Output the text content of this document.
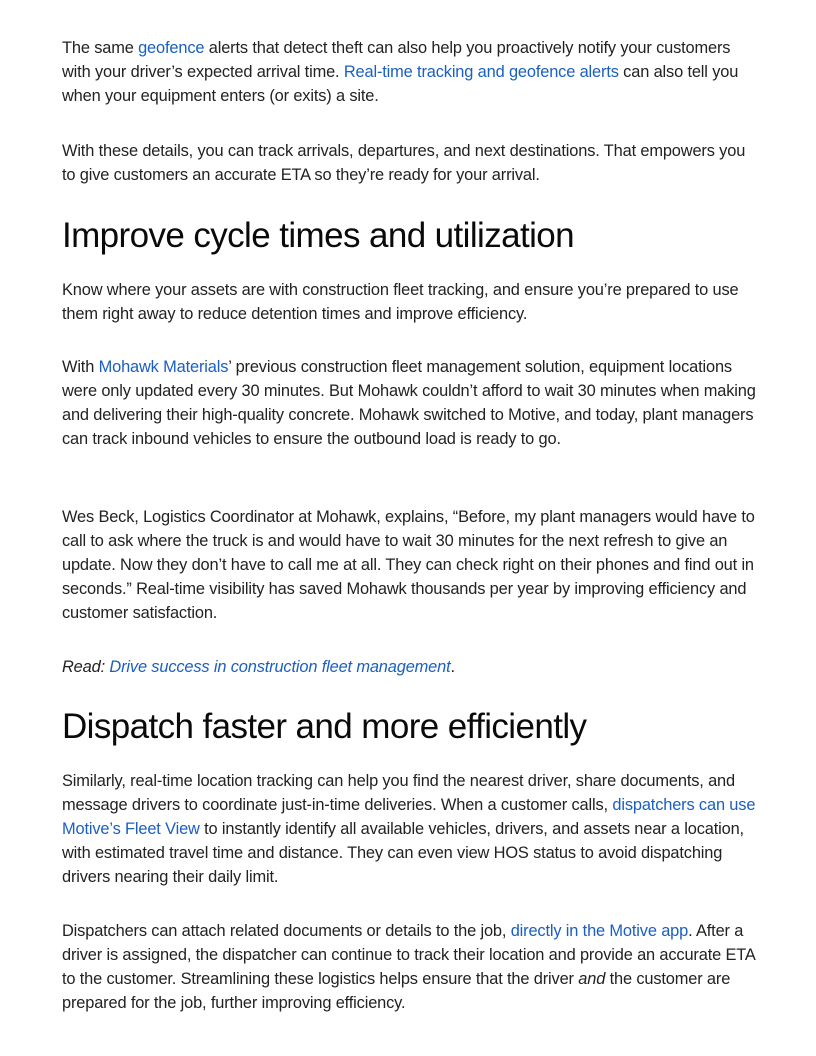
The same geofence alerts that detect theft can also help you proactively notify your customers with your driver’s expected arrival time. Real-time tracking and geofence alerts can also tell you when your equipment enters (or exits) a site.

With these details, you can track arrivals, departures, and next destinations. That empowers you to give customers an accurate ETA so they’re ready for your arrival.

Improve cycle times and utilization

Know where your assets are with construction fleet tracking, and ensure you’re prepared to use them right away to reduce detention times and improve efficiency.

With Mohawk Materials’ previous construction fleet management solution, equipment locations were only updated every 30 minutes. But Mohawk couldn’t afford to wait 30 minutes when making and delivering their high-quality concrete. Mohawk switched to Motive, and today, plant managers can track inbound vehicles to ensure the outbound load is ready to go.

Wes Beck, Logistics Coordinator at Mohawk, explains, “Before, my plant managers would have to call to ask where the truck is and would have to wait 30 minutes for the next refresh to give an update. Now they don’t have to call me at all. They can check right on their phones and find out in seconds.” Real-time visibility has saved Mohawk thousands per year by improving efficiency and customer satisfaction.

Read: Drive success in construction fleet management.

Dispatch faster and more efficiently

Similarly, real-time location tracking can help you find the nearest driver, share documents, and message drivers to coordinate just-in-time deliveries. When a customer calls, dispatchers can use Motive’s Fleet View to instantly identify all available vehicles, drivers, and assets near a location, with estimated travel time and distance. They can even view HOS status to avoid dispatching drivers nearing their daily limit.

Dispatchers can attach related documents or details to the job, directly in the Motive app. After a driver is assigned, the dispatcher can continue to track their location and provide an accurate ETA to the customer. Streamlining these logistics helps ensure that the driver and the customer are prepared for the job, further improving efficiency.
